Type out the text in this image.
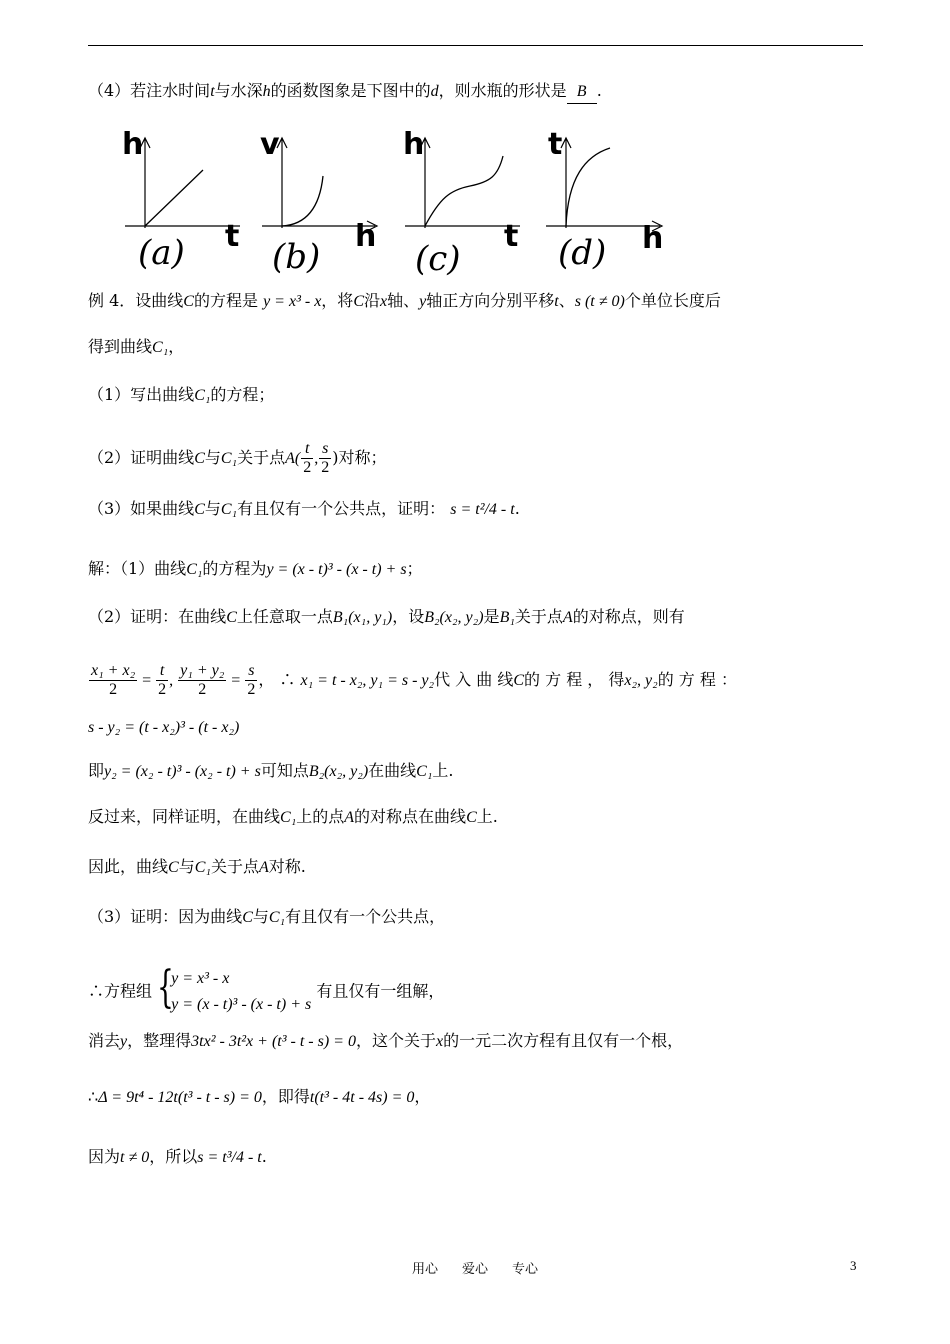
（4）若注水时间t与水深h的函数图象是下图中的d，则水瓶的形状是 B .
h
t
(a)
v
h
(b)
h
t
(c)
t
h
(d)
例 4．设曲线C的方程是 y = x³ - x，将C沿x轴、y轴正方向分别平移t、s (t ≠ 0)个单位长度后
得到曲线C₁，
（1）写出曲线C₁的方程；
（2）证明曲线C与C₁关于点$A( \frac{t}{2}$ , $\frac{s}{2}$ )对称；
（3）如果曲线C与C₁有且仅有一个公共点，证明： s = t²/4 - t.
解：（1）曲线C₁的方程为y = (x - t)³ - (x - t) + s；
（2）证明：在曲线C上任意取一点B₁(x₁, y₁)，设B₂(x₂, y₂)是B₁关于点A的对称点，则有
$\frac{\text{x₁ + x₂}}{2} = \frac{t}{2}$ , $\frac{\text{y₁ + y₂}}{2} = \frac{s}{2}$ ， ∴ x₁ = t - x₂, y₁ = s - y₂代 入 曲 线C的 方 程 ， 得x₂, y₂的 方 程 ：
s - y₂ = (t - x₂)³ - (t - x₂)
即y₂ = (x₂ - t)³ - (x₂ - t) + s可知点B₂(x₂, y₂)在曲线C₁上.
反过来，同样证明，在曲线C₁上的点A的对称点在曲线C上.
因此，曲线C与C₁关于点A对称.
（3）证明：因为曲线C与C₁有且仅有一个公共点，
∴方程组 {
y = x³ - x
y = (x - t)³ - (x - t) + s
有且仅有一组解，
消去y，整理得3tx² - 3t²x + (t³ - t - s) = 0，这个关于x的一元二次方程有且仅有一个根，
∴Δ = 9t⁴ - 12t(t³ - t - s) = 0，即得t(t³ - 4t - 4s) = 0，
因为t ≠ 0，所以s = t³/4 - t.
用心 爱心 专心	3
